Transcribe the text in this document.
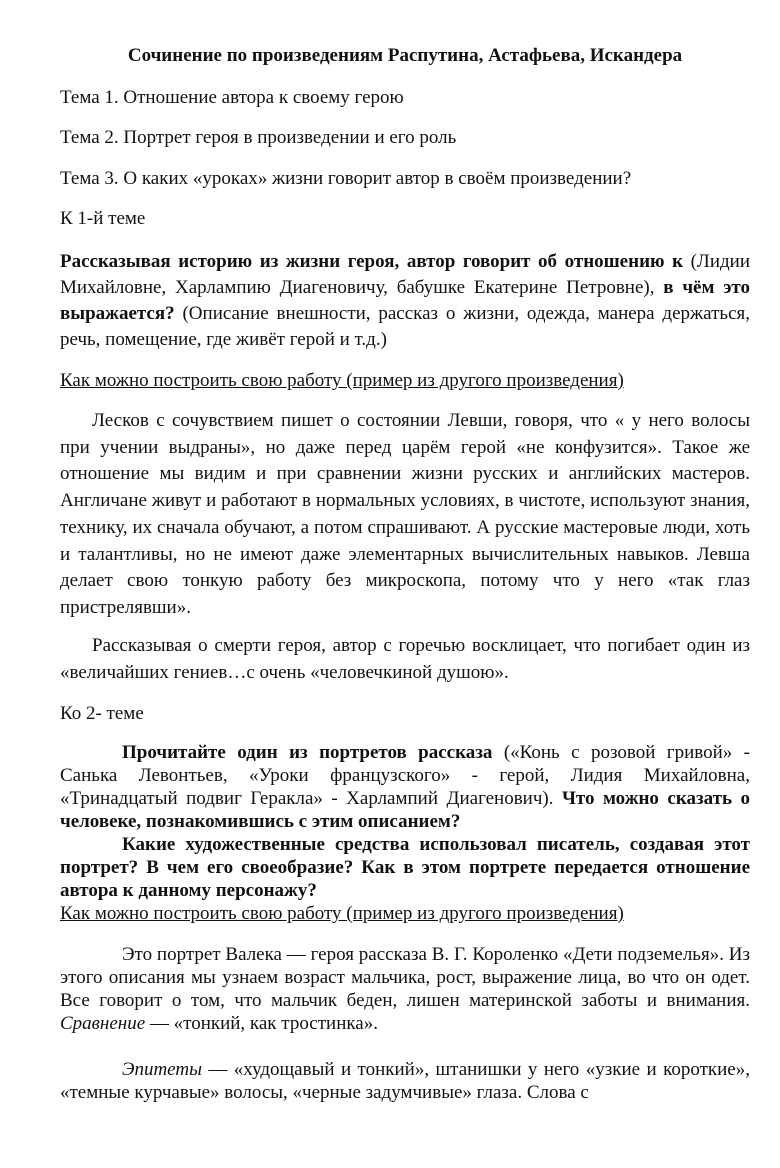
Сочинение по произведениям Распутина, Астафьева, Искандера
Тема 1. Отношение автора к своему герою
Тема 2. Портрет героя в произведении и его роль
Тема 3. О каких «уроках» жизни говорит автор в своём произведении?
К 1-й теме

Рассказывая историю из жизни героя, автор говорит об отношению к (Лидии Михайловне, Харлампию Диагеновичу, бабушке Екатерине Петровне), в чём это выражается? (Описание внешности, рассказ о жизни, одежда, манера держаться, речь, помещение, где живёт герой и т.д.)

Как можно построить свою работу (пример из другого произведения)

Лесков с сочувствием пишет о состоянии Левши, говоря, что « у него волосы при учении выдраны», но даже перед царём герой «не конфузится». Такое же отношение мы видим и при сравнении жизни русских и английских мастеров. Англичане живут и работают в нормальных условиях, в чистоте, используют знания, технику, их сначала обучают, а потом спрашивают. А русские мастеровые люди, хоть и талантливы, но не имеют даже элементарных вычислительных навыков. Левша делает свою тонкую работу без микроскопа, потому что у него «так глаз пристрелявши».

Рассказывая о смерти героя, автор с горечью восклицает, что погибает один из «величайших гениев…с очень «человечкиной душою».

Ко 2- теме

Прочитайте один из портретов рассказа («Конь с розовой гривой» - Санька Левонтьев, «Уроки французского» - герой, Лидия Михайловна, «Тринадцатый подвиг Геракла» - Харлампий Диагенович). Что можно сказать о человеке, познакомившись с этим описанием?

Какие художественные средства использовал писатель, создавая этот портрет? В чем его своеобразие? Как в этом портрете передается отношение автора к данному персонажу?

Как можно построить свою работу (пример из другого произведения)

Это портрет Валека — героя рассказа В. Г. Короленко «Дети подземелья». Из этого описания мы узнаем возраст мальчика, рост, выражение лица, во что он одет. Все говорит о том, что мальчик беден, лишен материнской заботы и внимания. Сравнение — «тонкий, как тростинка».

Эпитеты — «худощавый и тонкий», штанишки у него «узкие и короткие», «темные курчавые» волосы, «черные задумчивые» глаза. Слова с
